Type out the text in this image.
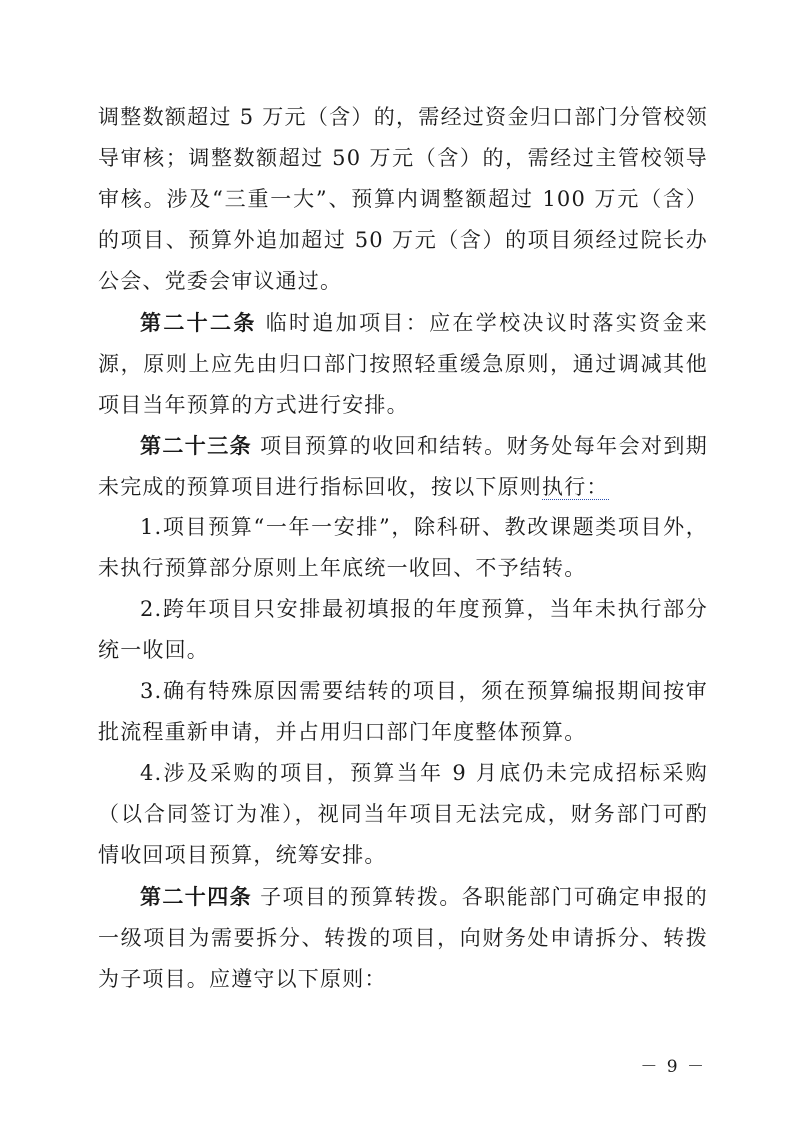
调整数额超过 5 万元（含）的，需经过资金归口部门分管校领导审核；调整数额超过 50 万元（含）的，需经过主管校领导审核。涉及“三重一大”、预算内调整额超过 100 万元（含）的项目、预算外追加超过 50 万元（含）的项目须经过院长办公会、党委会审议通过。

第二十二条 临时追加项目：应在学校决议时落实资金来源，原则上应先由归口部门按照轻重缓急原则，通过调减其他项目当年预算的方式进行安排。

第二十三条 项目预算的收回和结转。财务处每年会对到期未完成的预算项目进行指标回收，按以下原则执行：

1.项目预算“一年一安排”，除科研、教改课题类项目外，未执行预算部分原则上年底统一收回、不予结转。

2.跨年项目只安排最初填报的年度预算，当年未执行部分统一收回。

3.确有特殊原因需要结转的项目，须在预算编报期间按审批流程重新申请，并占用归口部门年度整体预算。

4.涉及采购的项目，预算当年 9 月底仍未完成招标采购（以合同签订为准），视同当年项目无法完成，财务部门可酌情收回项目预算，统筹安排。

第二十四条 子项目的预算转拨。各职能部门可确定申报的一级项目为需要拆分、转拨的项目，向财务处申请拆分、转拨为子项目。应遵守以下原则：

－ 9 －
